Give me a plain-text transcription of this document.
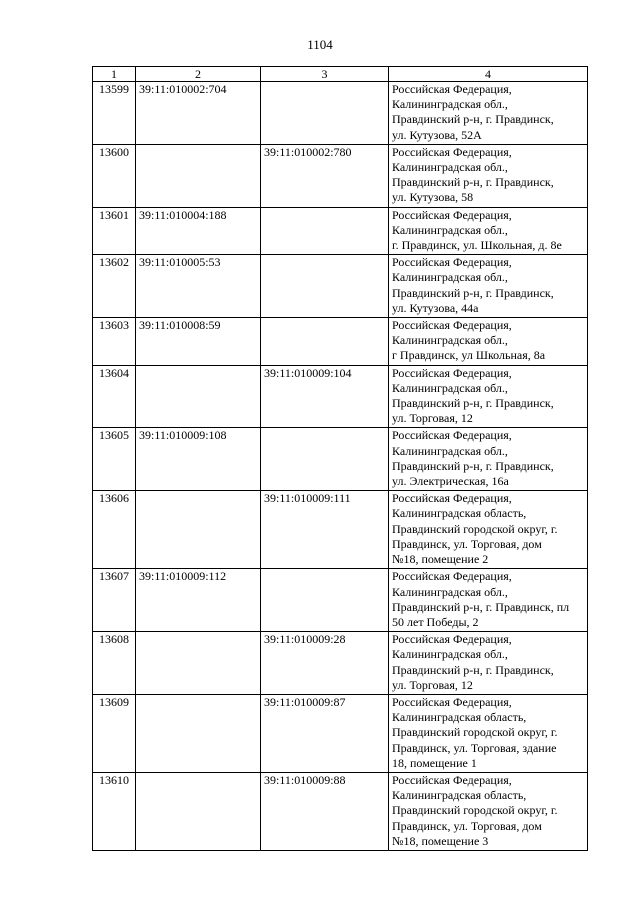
1104
1	2	3	4
13599	39:11:010002:704		Российская Федерация,
Калининградская обл.,
Правдинский р-н, г. Правдинск,
ул. Кутузова, 52А

13600		39:11:010002:780	Российская Федерация,
Калининградская обл.,
Правдинский р-н, г. Правдинск,
ул. Кутузова, 58

13601	39:11:010004:188		Российская Федерация,
Калининградская обл.,
г. Правдинск, ул. Школьная, д. 8е

13602	39:11:010005:53		Российская Федерация,
Калининградская обл.,
Правдинский р-н, г. Правдинск,
ул. Кутузова, 44а

13603	39:11:010008:59		Российская Федерация,
Калининградская обл.,
г Правдинск, ул Школьная, 8а

13604		39:11:010009:104	Российская Федерация,
Калининградская обл.,
Правдинский р-н, г. Правдинск,
ул. Торговая, 12

13605	39:11:010009:108		Российская Федерация,
Калининградская обл.,
Правдинский р-н, г. Правдинск,
ул. Электрическая, 16а

13606		39:11:010009:111	Российская Федерация,
Калининградская область,
Правдинский городской округ, г.
Правдинск, ул. Торговая, дом
№18, помещение 2

13607	39:11:010009:112		Российская Федерация,
Калининградская обл.,
Правдинский р-н, г. Правдинск, пл
50 лет Победы, 2

13608		39:11:010009:28	Российская Федерация,
Калининградская обл.,
Правдинский р-н, г. Правдинск,
ул. Торговая, 12

13609		39:11:010009:87	Российская Федерация,
Калининградская область,
Правдинский городской округ, г.
Правдинск, ул. Торговая, здание
18, помещение 1

13610		39:11:010009:88	Российская Федерация,
Калининградская область,
Правдинский городской округ, г.
Правдинск, ул. Торговая, дом
№18, помещение 3
